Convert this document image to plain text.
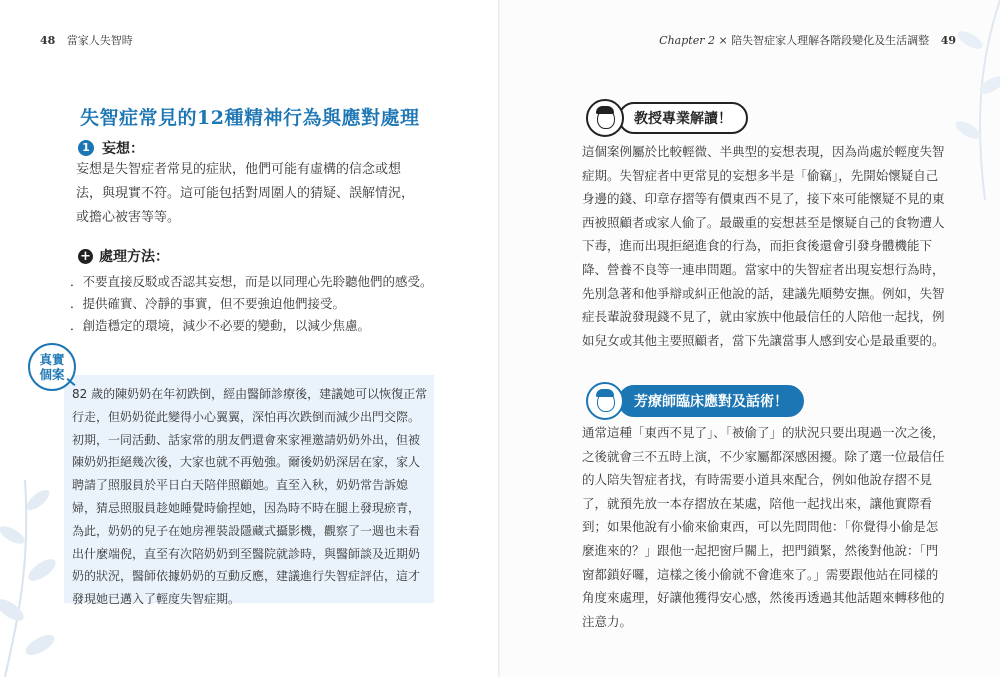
48 當家人失智時
失智症常見的12種精神行為與應對處理
1 妄想：
妄想是失智症者常見的症狀，他們可能有虛構的信念或想法，與現實不符。這可能包括對周圍人的猜疑、誤解情況，或擔心被害等等。
+ 處理方法：
．不要直接反駁或否認其妄想，而是以同理心先聆聽他們的感受。
．提供確實、冷靜的事實，但不要強迫他們接受。
．創造穩定的環境，減少不必要的變動，以減少焦慮。
真實
個案
82 歲的陳奶奶在年初跌倒，經由醫師診療後，建議她可以恢復正常行走，但奶奶從此變得小心翼翼，深怕再次跌倒而減少出門交際。初期，一同活動、話家常的朋友們還會來家裡邀請奶奶外出，但被陳奶奶拒絕幾次後，大家也就不再勉強。爾後奶奶深居在家，家人聘請了照服員於平日白天陪伴照顧她。直至入秋，奶奶常告訴媳婦，猜忌照服員趁她睡覺時偷捏她，因為時不時在腿上發現瘀青，為此，奶奶的兒子在她房裡裝設隱藏式攝影機，觀察了一週也未看出什麼端倪，直至有次陪奶奶到至醫院就診時，與醫師談及近期奶奶的狀況，醫師依據奶奶的互動反應，建議進行失智症評估，這才發現她已邁入了輕度失智症期。
Chapter 2 × 陪失智症家人理解各階段變化及生活調整 49
教授專業解讀！
這個案例屬於比較輕微、半典型的妄想表現，因為尚處於輕度失智症期。失智症者中更常見的妄想多半是「偷竊」，先開始懷疑自己身邊的錢、印章存摺等有價東西不見了，接下來可能懷疑不見的東西被照顧者或家人偷了。最嚴重的妄想甚至是懷疑自己的食物遭人下毒，進而出現拒絕進食的行為，而拒食後還會引發身體機能下降、營養不良等一連串問題。當家中的失智症者出現妄想行為時，先別急著和他爭辯或糾正他說的話，建議先順勢安撫。例如，失智症長輩說發現錢不見了，就由家族中他最信任的人陪他一起找，例如兒女或其他主要照顧者，當下先讓當事人感到安心是最重要的。
芳療師臨床應對及話術！
通常這種「東西不見了」、「被偷了」的狀況只要出現過一次之後，之後就會三不五時上演，不少家屬都深感困擾。除了選一位最信任的人陪失智症者找，有時需要小道具來配合，例如他說存摺不見了，就預先放一本存摺放在某處，陪他一起找出來，讓他實際看到；如果他說有小偷來偷東西，可以先問問他：「你覺得小偷是怎麼進來的？」跟他一起把窗戶關上，把門鎖緊，然後對他說：「門窗都鎖好囉，這樣之後小偷就不會進來了。」需要跟他站在同樣的角度來處理，好讓他獲得安心感，然後再透過其他話題來轉移他的注意力。
